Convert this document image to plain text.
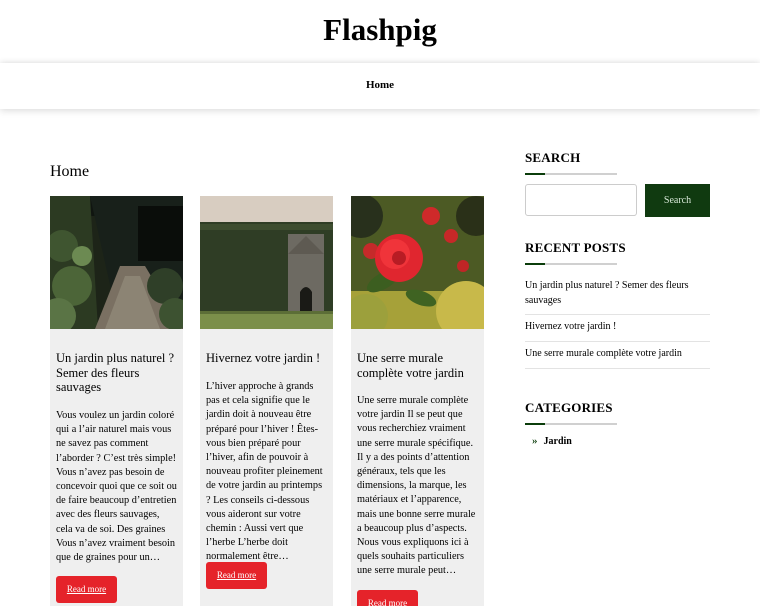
Flashpig
Home
Home
Un jardin plus naturel ? Semer des fleurs sauvages
Vous voulez un jardin coloré qui a l’air naturel mais vous ne savez pas comment l’aborder ? C’est très simple! Vous n’avez pas besoin de concevoir quoi que ce soit ou de faire beaucoup d’entretien avec des fleurs sauvages, cela va de soi. Des graines Vous n’avez vraiment besoin que de graines pour un…
Read more
Hivernez votre jardin !
L’hiver approche à grands pas et cela signifie que le jardin doit à nouveau être préparé pour l’hiver ! Êtes-vous bien préparé pour l’hiver, afin de pouvoir à nouveau profiter pleinement de votre jardin au printemps ? Les conseils ci-dessous vous aideront sur votre chemin : Aussi vert que l’herbe L’herbe doit normalement être…
Read more
Une serre murale complète votre jardin
Une serre murale complète votre jardin Il se peut que vous recherchiez vraiment une serre murale spécifique. Il y a des points d’attention généraux, tels que les dimensions, la marque, les matériaux et l’apparence, mais une bonne serre murale a beaucoup plus d’aspects. Nous vous expliquons ici à quels souhaits particuliers une serre murale peut…
Read more
SEARCH
Search
RECENT POSTS
Un jardin plus naturel ? Semer des fleurs sauvages
Hivernez votre jardin !
Une serre murale complète votre jardin
CATEGORIES
» Jardin
